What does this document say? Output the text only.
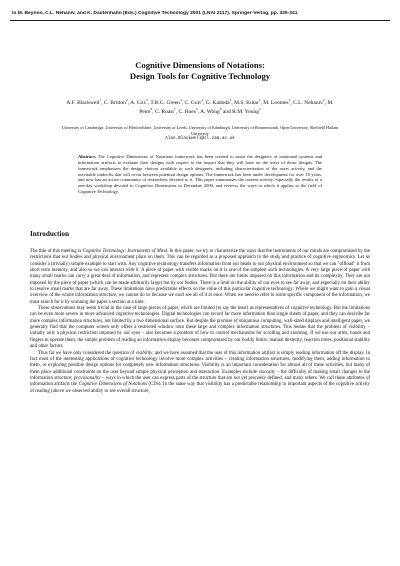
In M. Beynon, C.L. Nehaniv, and K. Dautenhahn (Eds.) Cognitive Technology 2001 (LNAI 2117). Springer-Verlag, pp. 325-341
Cognitive Dimensions of Notations:
Design Tools for Cognitive Technology
A.F. Blackwell$^1$, C. Britton$^2$, A. Cox$^3$, T.R.G. Green$^4$, C. Gurr$^4$, G. Kadoda$^5$, M.S. Kutar$^2$, M. Loomes$^2$, C.L. Nehaniv$^2$, M. Petre$^6$, C. Roast$^7$, C. Roes$^4$, A. Wong$^8$ and R.M. Young$^2$
University of Cambridge, University of Hertfordshire, University of Leeds, University of Edinburgh, University of Bournemouth, Open University, Sheffield Hallam University
Alan.Blackwell@cl.cam.ac.uk
Abstract. The Cognitive Dimensions of Notations framework has been created to assist the designers of notational systems and information artifacts to evaluate their designs with respect to the impact that they will have on the users of those designs. The framework emphasizes the design choices available to such designers, including characterization of the users activity, and the inevitable tradeoffs that will occur between potential design options. The framework has been under development for over 10 years, and now has an active community of researchers devoted to it. This paper summarises the current activity, especially the results of a one-day workshop devoted to Cognitive Dimensions in December 2000, and reviews the ways in which it applies to the field of Cognitive Technology.
Introduction

The title of this meeting is Cognitive Technology: Instruments of Mind. In this paper, we try to characterize the ways that the instruments of our minds are compromised by the restrictions that our bodies and physical environment place on them. This can be regarded as a proposed approach to the study and practice of cognitive ergonomics. Let us consider a (trivially) simple example to start with. Any cognitive technology transfers information from our heads to our physical environment so that we can "offload" it from short term memory, and also so we can interact with it. A piece of paper with visible marks on it is one of the simplest such technologies. A very large piece of paper with many small marks can carry a great deal of information, and represent complex structures. But there are limits imposed on this information and its complexity. They are not imposed by the piece of paper (which can be made arbitrarily large) but by our bodies. There is a limit on the ability of our eyes to see far away, and especially on their ability to resolve small marks that are far away. These limitations have predictable effects on the value of this particular cognitive technology: Where we might want to gain a visual overview of the whole information structure, we cannot do so because we can't see all of it at once. When we need to refer to some specific component of the information, we must search for it by scanning the paper a section at a time.

These observations may seem trivial in the case of large pieces of paper, which are limited (to say the least) as representatives of cognitive technology. But the limitations can be even more severe in more advanced cognitive technologies. Digital technologies can record far more information than single sheets of paper, and they can describe far more complex information structures, not limited by a two dimensional surface. But despite the promise of ubiquitous computing, wall-sized displays and intelligent paper, we generally find that the computer screen only offers a restricted window onto these large and complex information structures. This means that the problem of visibility – initially only a physical restriction imposed by our eyes – also becomes a problem of how to control mechanisms for scrolling and zooming. If we use our arms, hands and fingers to operate them, the simple problem of reading an information display becomes compromised by our bodily limits: manual dexterity, reaction times, positional stability and other factors.

Thus far we have only considered the question of visibility, and we have assumed that the user of this information artifact is simply reading information off the display. In fact most of the interesting applications of cognitive technology involve more complex activities – creating information structures, modifying them, adding information to them, or exploring possible design options for completely new information structures. Visibility is an important consideration for almost all of these activities, but many of them place additional constraints on the user beyond simple physical perception and interaction. Examples include viscosity – the difficulty of making small changes to the information structure; provisionality – ways in which the user can express parts of the structure that are not yet precisely defined, and many others. We call these attributes of information artifacts the Cognitive Dimensions of Notations (CDs). In the same way that visibility has a predictable relationship to important aspects of the cognitive activity of reading (above we observed ability to see overall structure,
